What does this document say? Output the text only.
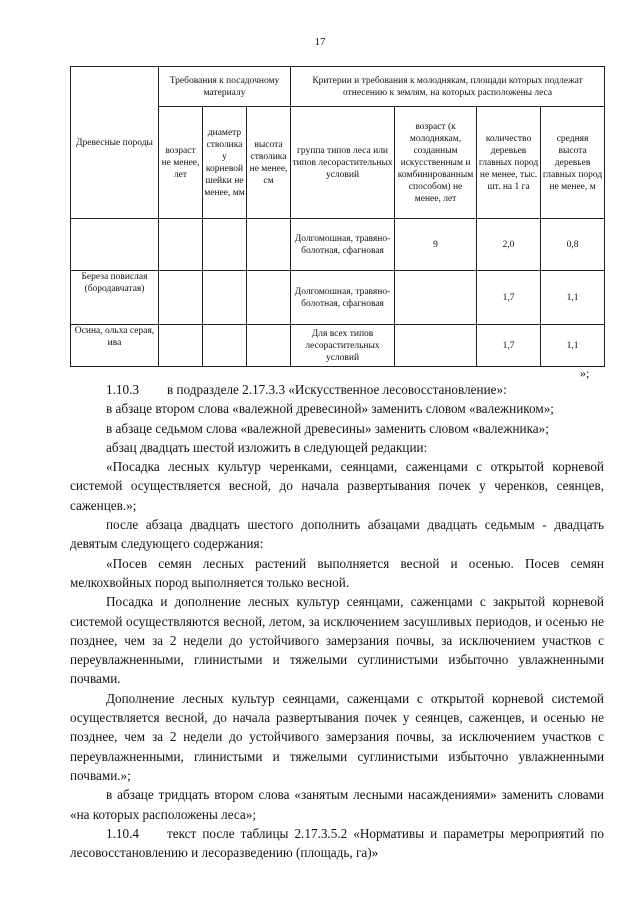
17
Древесные породы	Требования к посадочному материалу			Критерии и требования к молоднякам, площади которых подлежат отнесению к землям, на которых расположены леса			
	возраст не менее, лет	диаметр стволика у корневой шейки не менее, мм	высота стволика не менее, см	группа типов леса или типов лесорастительных условий	возраст (к молоднякам, созданным искусственным и комбинированным способом) не менее, лет	количество деревьев главных пород не менее, тыс. шт. на 1 га	средняя высота деревьев главных пород не менее, м
				Долгомошная, травяно-болотная, сфагновая	9	2,0	0,8
Береза повислая (бородавчатая)				Долгомошная, травяно-болотная, сфагновая		1,7	1,1
Осина, ольха серая, ива				Для всех типов лесорастительных условий		1,7	1,1
»;

1.10.3 в подразделе 2.17.3.3 «Искусственное лесовосстановление»:

в абзаце втором слова «валежной древесиной» заменить словом «валежником»;

в абзаце седьмом слова «валежной древесины» заменить словом «валежника»;

абзац двадцать шестой изложить в следующей редакции:

«Посадка лесных культур черенками, сеянцами, саженцами с открытой корневой системой осуществляется весной, до начала развертывания почек у черенков, сеянцев, саженцев.»;

после абзаца двадцать шестого дополнить абзацами двадцать седьмым - двадцать девятым следующего содержания:

«Посев семян лесных растений выполняется весной и осенью. Посев семян мелкохвойных пород выполняется только весной.

Посадка и дополнение лесных культур сеянцами, саженцами с закрытой корневой системой осуществляются весной, летом, за исключением засушливых периодов, и осенью не позднее, чем за 2 недели до устойчивого замерзания почвы, за исключением участков с переувлажненными, глинистыми и тяжелыми суглинистыми избыточно увлажненными почвами.

Дополнение лесных культур сеянцами, саженцами с открытой корневой системой осуществляется весной, до начала развертывания почек у сеянцев, саженцев, и осенью не позднее, чем за 2 недели до устойчивого замерзания почвы, за исключением участков с переувлажненными, глинистыми и тяжелыми суглинистыми избыточно увлажненными почвами.»;

в абзаце тридцать втором слова «занятым лесными насаждениями» заменить словами «на которых расположены леса»;

1.10.4 текст после таблицы 2.17.3.5.2 «Нормативы и параметры мероприятий по лесовосстановлению и лесоразведению (площадь, га)»
